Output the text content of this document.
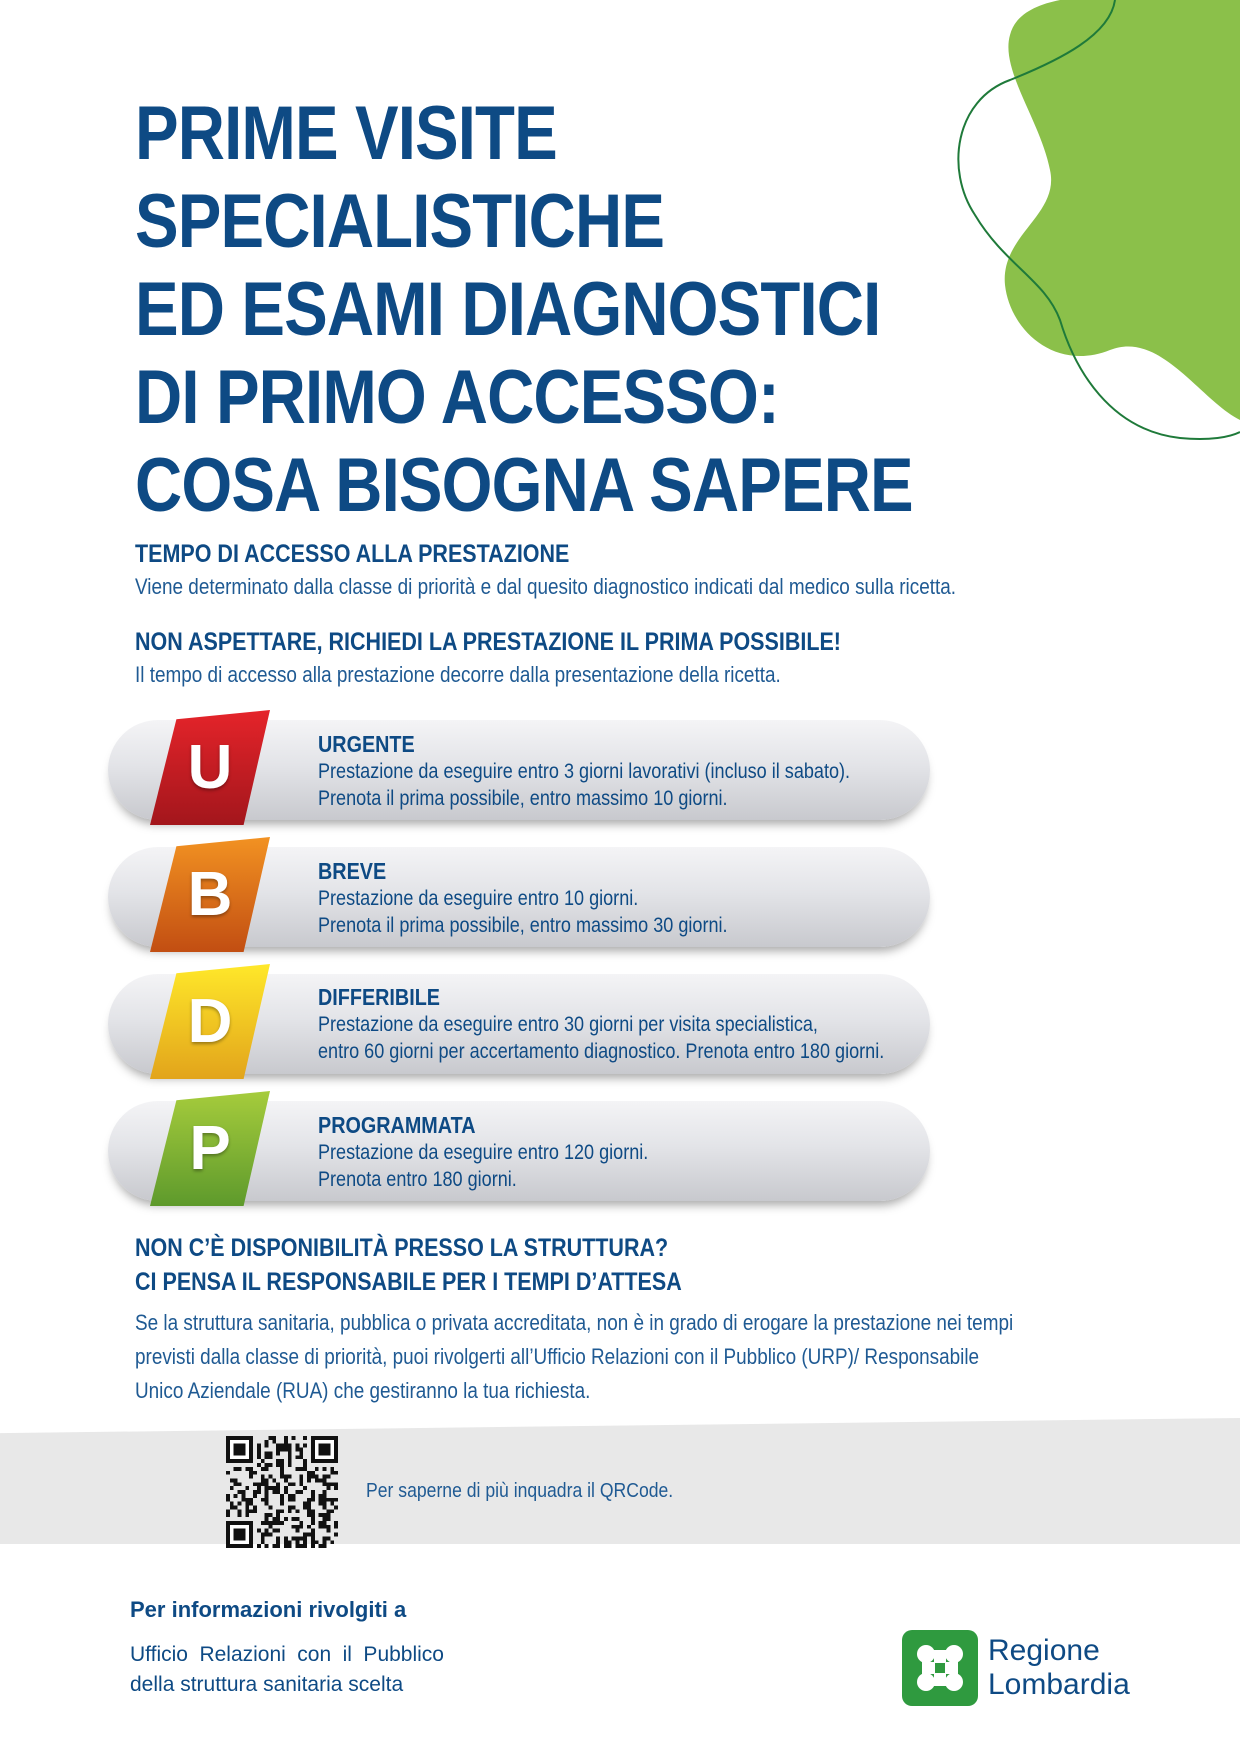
PRIME VISITE
SPECIALISTICHE
ED ESAMI DIAGNOSTICI
DI PRIMO ACCESSO:
COSA BISOGNA SAPERE
TEMPO DI ACCESSO ALLA PRESTAZIONE
Viene determinato dalla classe di priorità e dal quesito diagnostico indicati dal medico sulla ricetta.
NON ASPETTARE, RICHIEDI LA PRESTAZIONE IL PRIMA POSSIBILE!
Il tempo di accesso alla prestazione decorre dalla presentazione della ricetta.
U	URGENTE
Prestazione da eseguire entro 3 giorni lavorativi (incluso il sabato).
Prenota il prima possibile, entro massimo 10 giorni.
B	BREVE
Prestazione da eseguire entro 10 giorni.
Prenota il prima possibile, entro massimo 30 giorni.
D	DIFFERIBILE
Prestazione da eseguire entro 30 giorni per visita specialistica,
entro 60 giorni per accertamento diagnostico. Prenota entro 180 giorni.
P	PROGRAMMATA
Prestazione da eseguire entro 120 giorni.
Prenota entro 180 giorni.
NON C’È DISPONIBILITÀ PRESSO LA STRUTTURA?
CI PENSA IL RESPONSABILE PER I TEMPI D’ATTESA
Se la struttura sanitaria, pubblica o privata accreditata, non è in grado di erogare la prestazione nei tempi
previsti dalla classe di priorità, puoi rivolgerti all’Ufficio Relazioni con il Pubblico (URP)/ Responsabile
Unico Aziendale (RUA) che gestiranno la tua richiesta.
Per saperne di più inquadra il QRCode.
Per informazioni rivolgiti a
Ufficio Relazioni con il Pubblico della struttura sanitaria scelta
Regione
Lombardia
